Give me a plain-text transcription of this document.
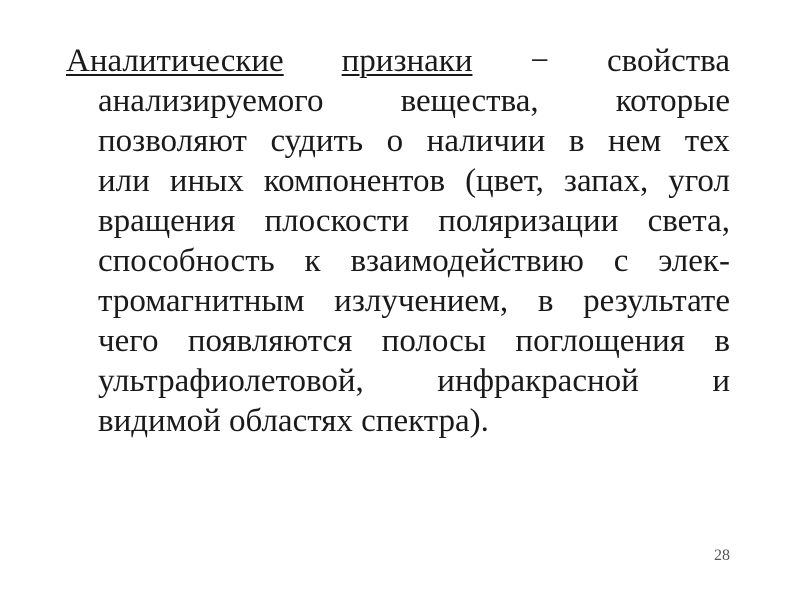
Аналитические признаки − свойства
анализируемого вещества, которые
позволяют судить о наличии в нем тех
или иных компонентов (цвет, запах, угол
вращения плоскости поляризации света,
способность к взаимодействию с элек-
тромагнитным излучением, в результате
чего появляются полосы поглощения в
ультрафиолетовой, инфракрасной и
видимой
областях
спектра).
28
